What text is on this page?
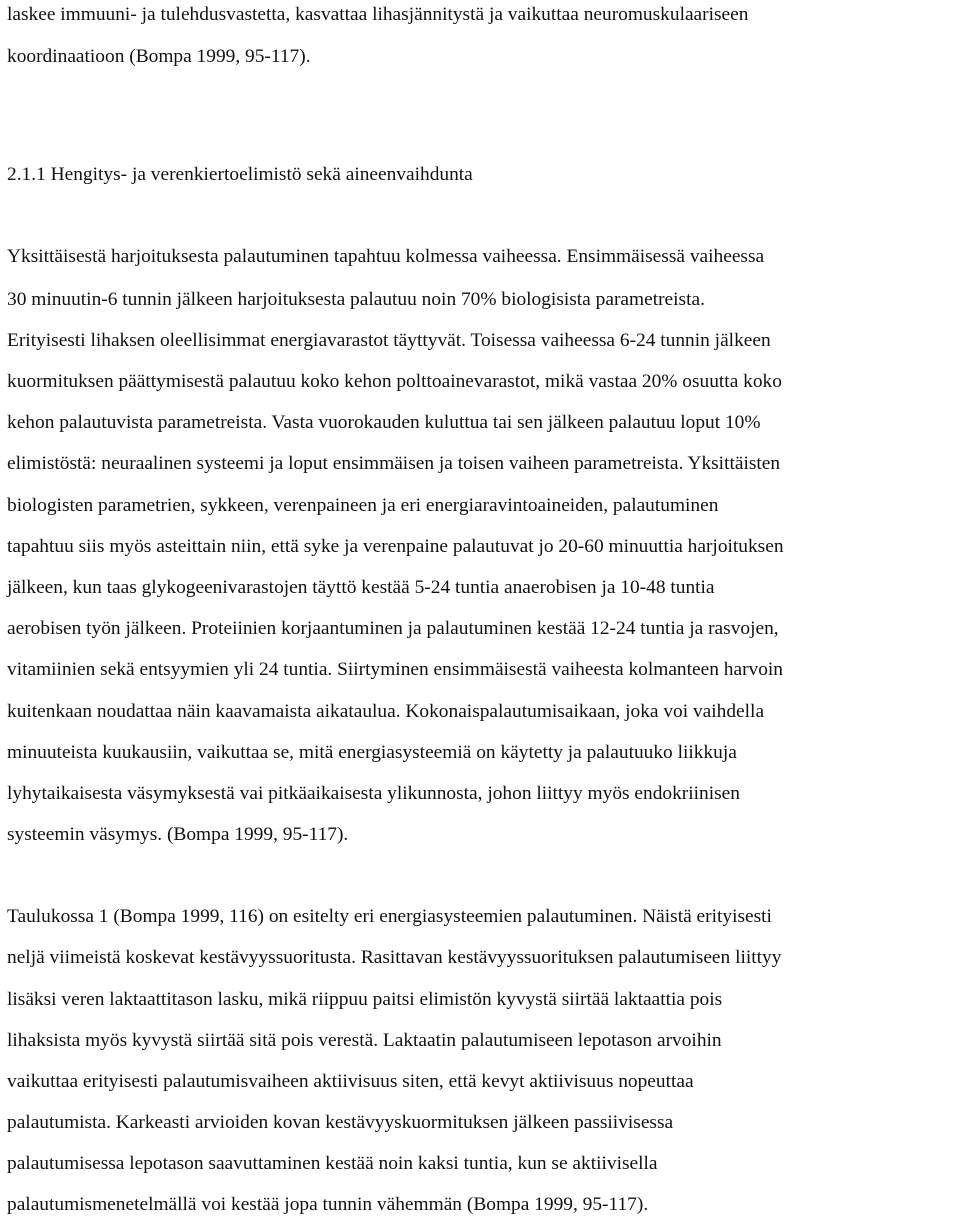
laskee immuuni- ja tulehdusvastetta, kasvattaa lihasjännitystä ja vaikuttaa neuromuskulaariseen

koordinaatioon (Bompa 1999, 95-117).

2.1.1 Hengitys- ja verenkiertoelimistö sekä aineenvaihdunta

Yksittäisestä harjoituksesta palautuminen tapahtuu kolmessa vaiheessa. Ensimmäisessä vaiheessa

30 minuutin-6 tunnin jälkeen harjoituksesta palautuu noin 70% biologisista parametreista.

Erityisesti lihaksen oleellisimmat energiavarastot täyttyvät. Toisessa vaiheessa 6-24 tunnin jälkeen

kuormituksen päättymisestä palautuu koko kehon polttoainevarastot, mikä vastaa 20% osuutta koko

kehon palautuvista parametreista. Vasta vuorokauden kuluttua tai sen jälkeen palautuu loput 10%

elimistöstä: neuraalinen systeemi ja loput ensimmäisen ja toisen vaiheen parametreista. Yksittäisten

biologisten parametrien, sykkeen, verenpaineen ja eri energiaravintoaineiden, palautuminen

tapahtuu siis myös asteittain niin, että syke ja verenpaine palautuvat jo 20-60 minuuttia harjoituksen

jälkeen, kun taas glykogeenivarastojen täyttö kestää 5-24 tuntia anaerobisen ja 10-48 tuntia

aerobisen työn jälkeen. Proteiinien korjaantuminen ja palautuminen kestää 12-24 tuntia ja rasvojen,

vitamiinien sekä entsyymien yli 24 tuntia. Siirtyminen ensimmäisestä vaiheesta kolmanteen harvoin

kuitenkaan noudattaa näin kaavamaista aikataulua. Kokonaispalautumisaikaan, joka voi vaihdella

minuuteista kuukausiin, vaikuttaa se, mitä energiasysteemiä on käytetty ja palautuuko liikkuja

lyhytaikaisesta väsymyksestä vai pitkäaikaisesta ylikunnosta, johon liittyy myös endokriinisen

systeemin väsymys. (Bompa 1999, 95-117).

Taulukossa 1 (Bompa 1999, 116) on esitelty eri energiasysteemien palautuminen. Näistä erityisesti

neljä viimeistä koskevat kestävyyssuoritusta. Rasittavan kestävyyssuorituksen palautumiseen liittyy

lisäksi veren laktaattitason lasku, mikä riippuu paitsi elimistön kyvystä siirtää laktaattia pois

lihaksista myös kyvystä siirtää sitä pois verestä. Laktaatin palautumiseen lepotason arvoihin

vaikuttaa erityisesti palautumisvaiheen aktiivisuus siten, että kevyt aktiivisuus nopeuttaa

palautumista. Karkeasti arvioiden kovan kestävyyskuormituksen jälkeen passiivisessa

palautumisessa lepotason saavuttaminen kestää noin kaksi tuntia, kun se aktiivisella

palautumismenetelmällä voi kestää jopa tunnin vähemmän (Bompa 1999, 95-117).
